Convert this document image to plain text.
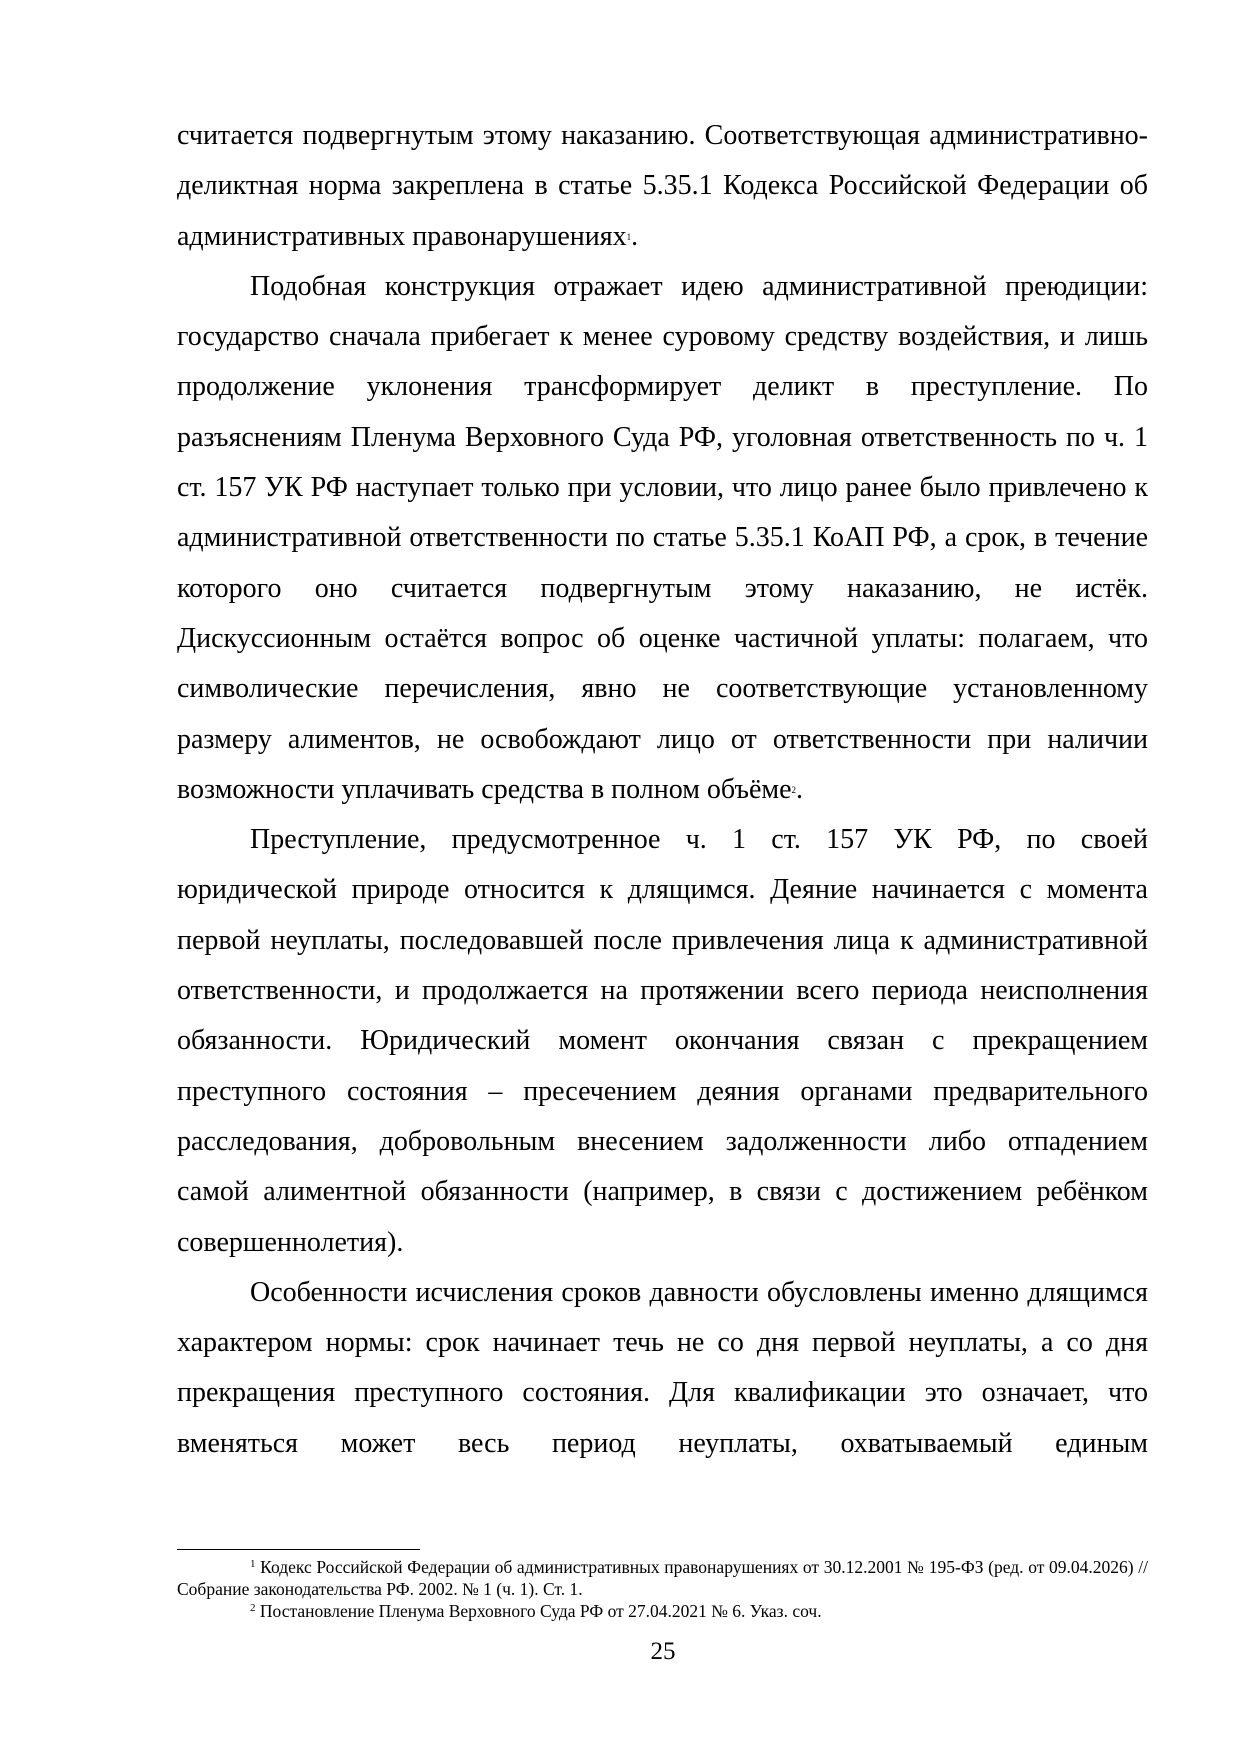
считается подвергнутым этому наказанию. Соответствующая административно-деликтная норма закреплена в статье 5.35.1 Кодекса Российской Федерации об административных правонарушениях$^1$.

Подобная конструкция отражает идею административной преюдиции: государство сначала прибегает к менее суровому средству воздействия, и лишь продолжение уклонения трансформирует деликт в преступление. По разъяснениям Пленума Верховного Суда РФ, уголовная ответственность по ч. 1 ст. 157 УК РФ наступает только при условии, что лицо ранее было привлечено к административной ответственности по статье 5.35.1 КоАП РФ, а срок, в течение которого оно считается подвергнутым этому наказанию, не истёк. Дискуссионным остаётся вопрос об оценке частичной уплаты: полагаем, что символические перечисления, явно не соответствующие установленному размеру алиментов, не освобождают лицо от ответственности при наличии возможности уплачивать средства в полном объёме$^2$.

Преступление, предусмотренное ч. 1 ст. 157 УК РФ, по своей юридической природе относится к длящимся. Деяние начинается с момента первой неуплаты, последовавшей после привлечения лица к административной ответственности, и продолжается на протяжении всего периода неисполнения обязанности. Юридический момент окончания связан с прекращением преступного состояния – пресечением деяния органами предварительного расследования, добровольным внесением задолженности либо отпадением самой алиментной обязанности (например, в связи с достижением ребёнком совершеннолетия).

Особенности исчисления сроков давности обусловлены именно длящимся характером нормы: срок начинает течь не со дня первой неуплаты, а со дня прекращения преступного состояния. Для квалификации это означает, что вменяться может весь период неуплаты, охватываемый единым

$^1$ Кодекс Российской Федерации об административных правонарушениях от 30.12.2001 № 195-ФЗ (ред. от 09.04.2026) // Собрание законодательства РФ. 2002. № 1 (ч. 1). Ст. 1.

$^2$ Постановление Пленума Верховного Суда РФ от 27.04.2021 № 6. Указ. соч.

25
